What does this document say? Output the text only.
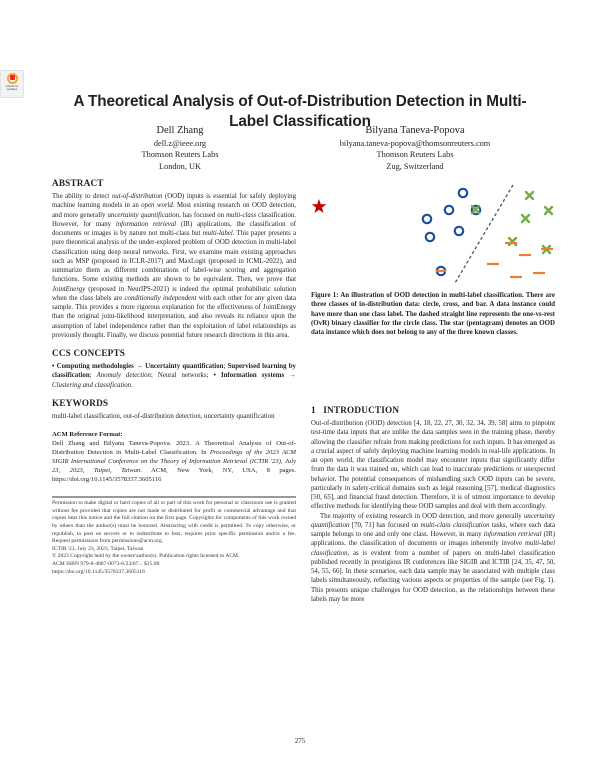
Check for updates
A Theoretical Analysis of Out-of-Distribution Detection in Multi-Label Classification
Dell Zhang
dell.z@ieee.org
Thomson Reuters Labs
London, UK
Bilyana Taneva-Popova
bilyana.taneva-popova@thomsonreuters.com
Thomson Reuters Labs
Zug, Switzerland
ABSTRACT

The ability to detect out-of-distribution (OOD) inputs is essential for safely deploying machine learning models in an open world. Most existing research on OOD detection, and more generally uncertainty quantification, has focused on multi-class classification. However, for many information retrieval (IR) applications, the classification of documents or images is by nature not multi-class but multi-label. This paper presents a pure theoretical analysis of the under-explored problem of OOD detection in multi-label classification using deep neural networks. First, we examine main existing approaches such as MSP (proposed in ICLR-2017) and MaxLogit (proposed in ICML-2022), and summarize them as different combinations of label-wise scoring and aggregation functions. Some existing methods are shown to be equivalent. Then, we prove that JointEnergy (proposed in NeurIPS-2021) is indeed the optimal probabilistic solution when the class labels are conditionally independent with each other for any given data sample. This provides a more rigorous explanation for the effectiveness of JointEnergy than the original joint-likelihood interpretation, and also reveals its reliance upon the assumption of label independence rather than the exploitation of label relationships as previously thought. Finally, we discuss potential future research directions in this area.

CCS CONCEPTS

• Computing methodologies → Uncertainty quantification; Supervised learning by classification; Anomaly detection; Neural networks; • Information systems → Clustering and classification.

KEYWORDS

multi-label classification, out-of-distribution detection, uncertainty quantification

ACM Reference Format:

Dell Zhang and Bilyana Taneva-Popova. 2023. A Theoretical Analysis of Out-of-Distribution Detection in Multi-Label Classification. In Proceedings of the 2023 ACM SIGIR International Conference on the Theory of Information Retrieval (ICTIR '23), July 23, 2023, Taipei, Taiwan. ACM, New York, NY, USA, 8 pages. https://doi.org/10.1145/3578337.3605116

Permission to make digital or hard copies of all or part of this work for personal or classroom use is granted without fee provided that copies are not made or distributed for profit or commercial advantage and that copies bear this notice and the full citation on the first page. Copyrights for components of this work owned by others than the author(s) must be honored. Abstracting with credit is permitted. To copy otherwise, or republish, to post on servers or to redistribute to lists, requires prior specific permission and/or a fee. Request permissions from permissions@acm.org.

ICTIR '23, July 23, 2023, Taipei, Taiwan

© 2023 Copyright held by the owner/author(s). Publication rights licensed to ACM.

ACM ISBN 979-8-4007-0073-6/23/07... $15.00

https://doi.org/10.1145/3578337.3605116

Figure 1: An illustration of OOD detection in multi-label classification. There are three classes of in-distribution data: circle, cross, and bar. A data instance could have more than one class label. The dashed straight line represents the one-vs-rest (OvR) binary classifier for the circle class. The star (pentagram) denotes an OOD data instance which does not belong to any of the three known classes.
1   INTRODUCTION

Out-of-distribution (OOD) detection [4, 18, 22, 27, 30, 32, 34, 39, 58] aims to pinpoint test-time data inputs that are unlike the data samples seen in the training phase, thereby allowing the classifier refrain from making predictions for such inputs. It has emerged as a crucial aspect of safely deploying machine learning models in real-life applications. In an open world, the classification model may encounter inputs that significantly differ from the data it was trained on, which can lead to inaccurate predictions or unexpected behavior. The potential consequences of mishandling such OOD inputs can be severe, particularly in safety-critical domains such as legal reasoning [57], medical diagnostics [50, 65], and financial fraud detection. Therefore, it is of utmost importance to develop effective methods for identifying these OOD samples and deal with them accordingly.

The majority of existing research in OOD detection, and more generally uncertainty quantification [70, 71] has focused on multi-class classification tasks, where each data sample belongs to one and only one class. However, in many information retrieval (IR) applications, the classification of documents or images inherently involve multi-label classification, as is evident from a number of papers on multi-label classification published recently in prestigious IR conferences like SIGIR and ICTIR [24, 35, 47, 50, 54, 55, 66]. In these scenarios, each data sample may be associated with multiple class labels simultaneously, reflecting various aspects or properties of the sample (see Fig. 1). This presents unique challenges for OOD detection, as the relationships between these labels may be more

275
